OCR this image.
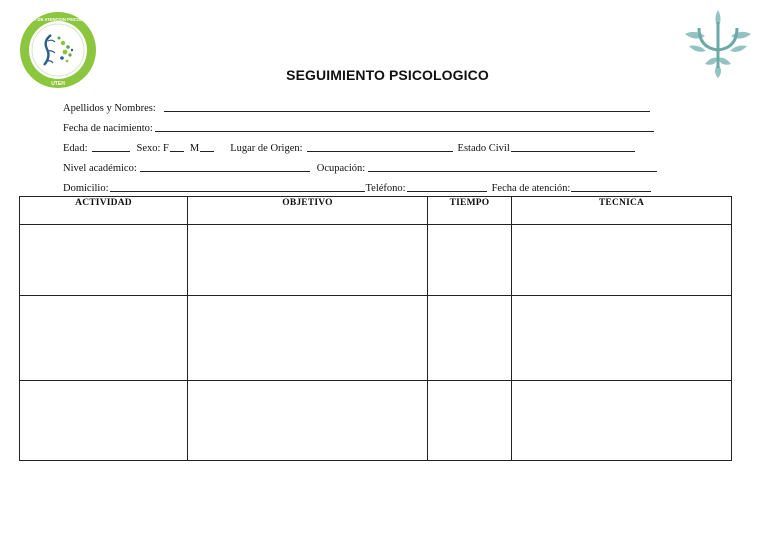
CLINICA DE ATENCION PSICOLOGICA
UTEH
SEGUIMIENTO PSICOLOGICO
Apellidos y Nombres:
Fecha de nacimiento:
Edad:	Sexo: F M	Lugar de Origen:	Estado Civil
Nivel académico:	Ocupación:
Domicilio:	Teléfono:	Fecha de atención:
ACTIVIDAD	OBJETIVO	TIEMPO	TECNICA
